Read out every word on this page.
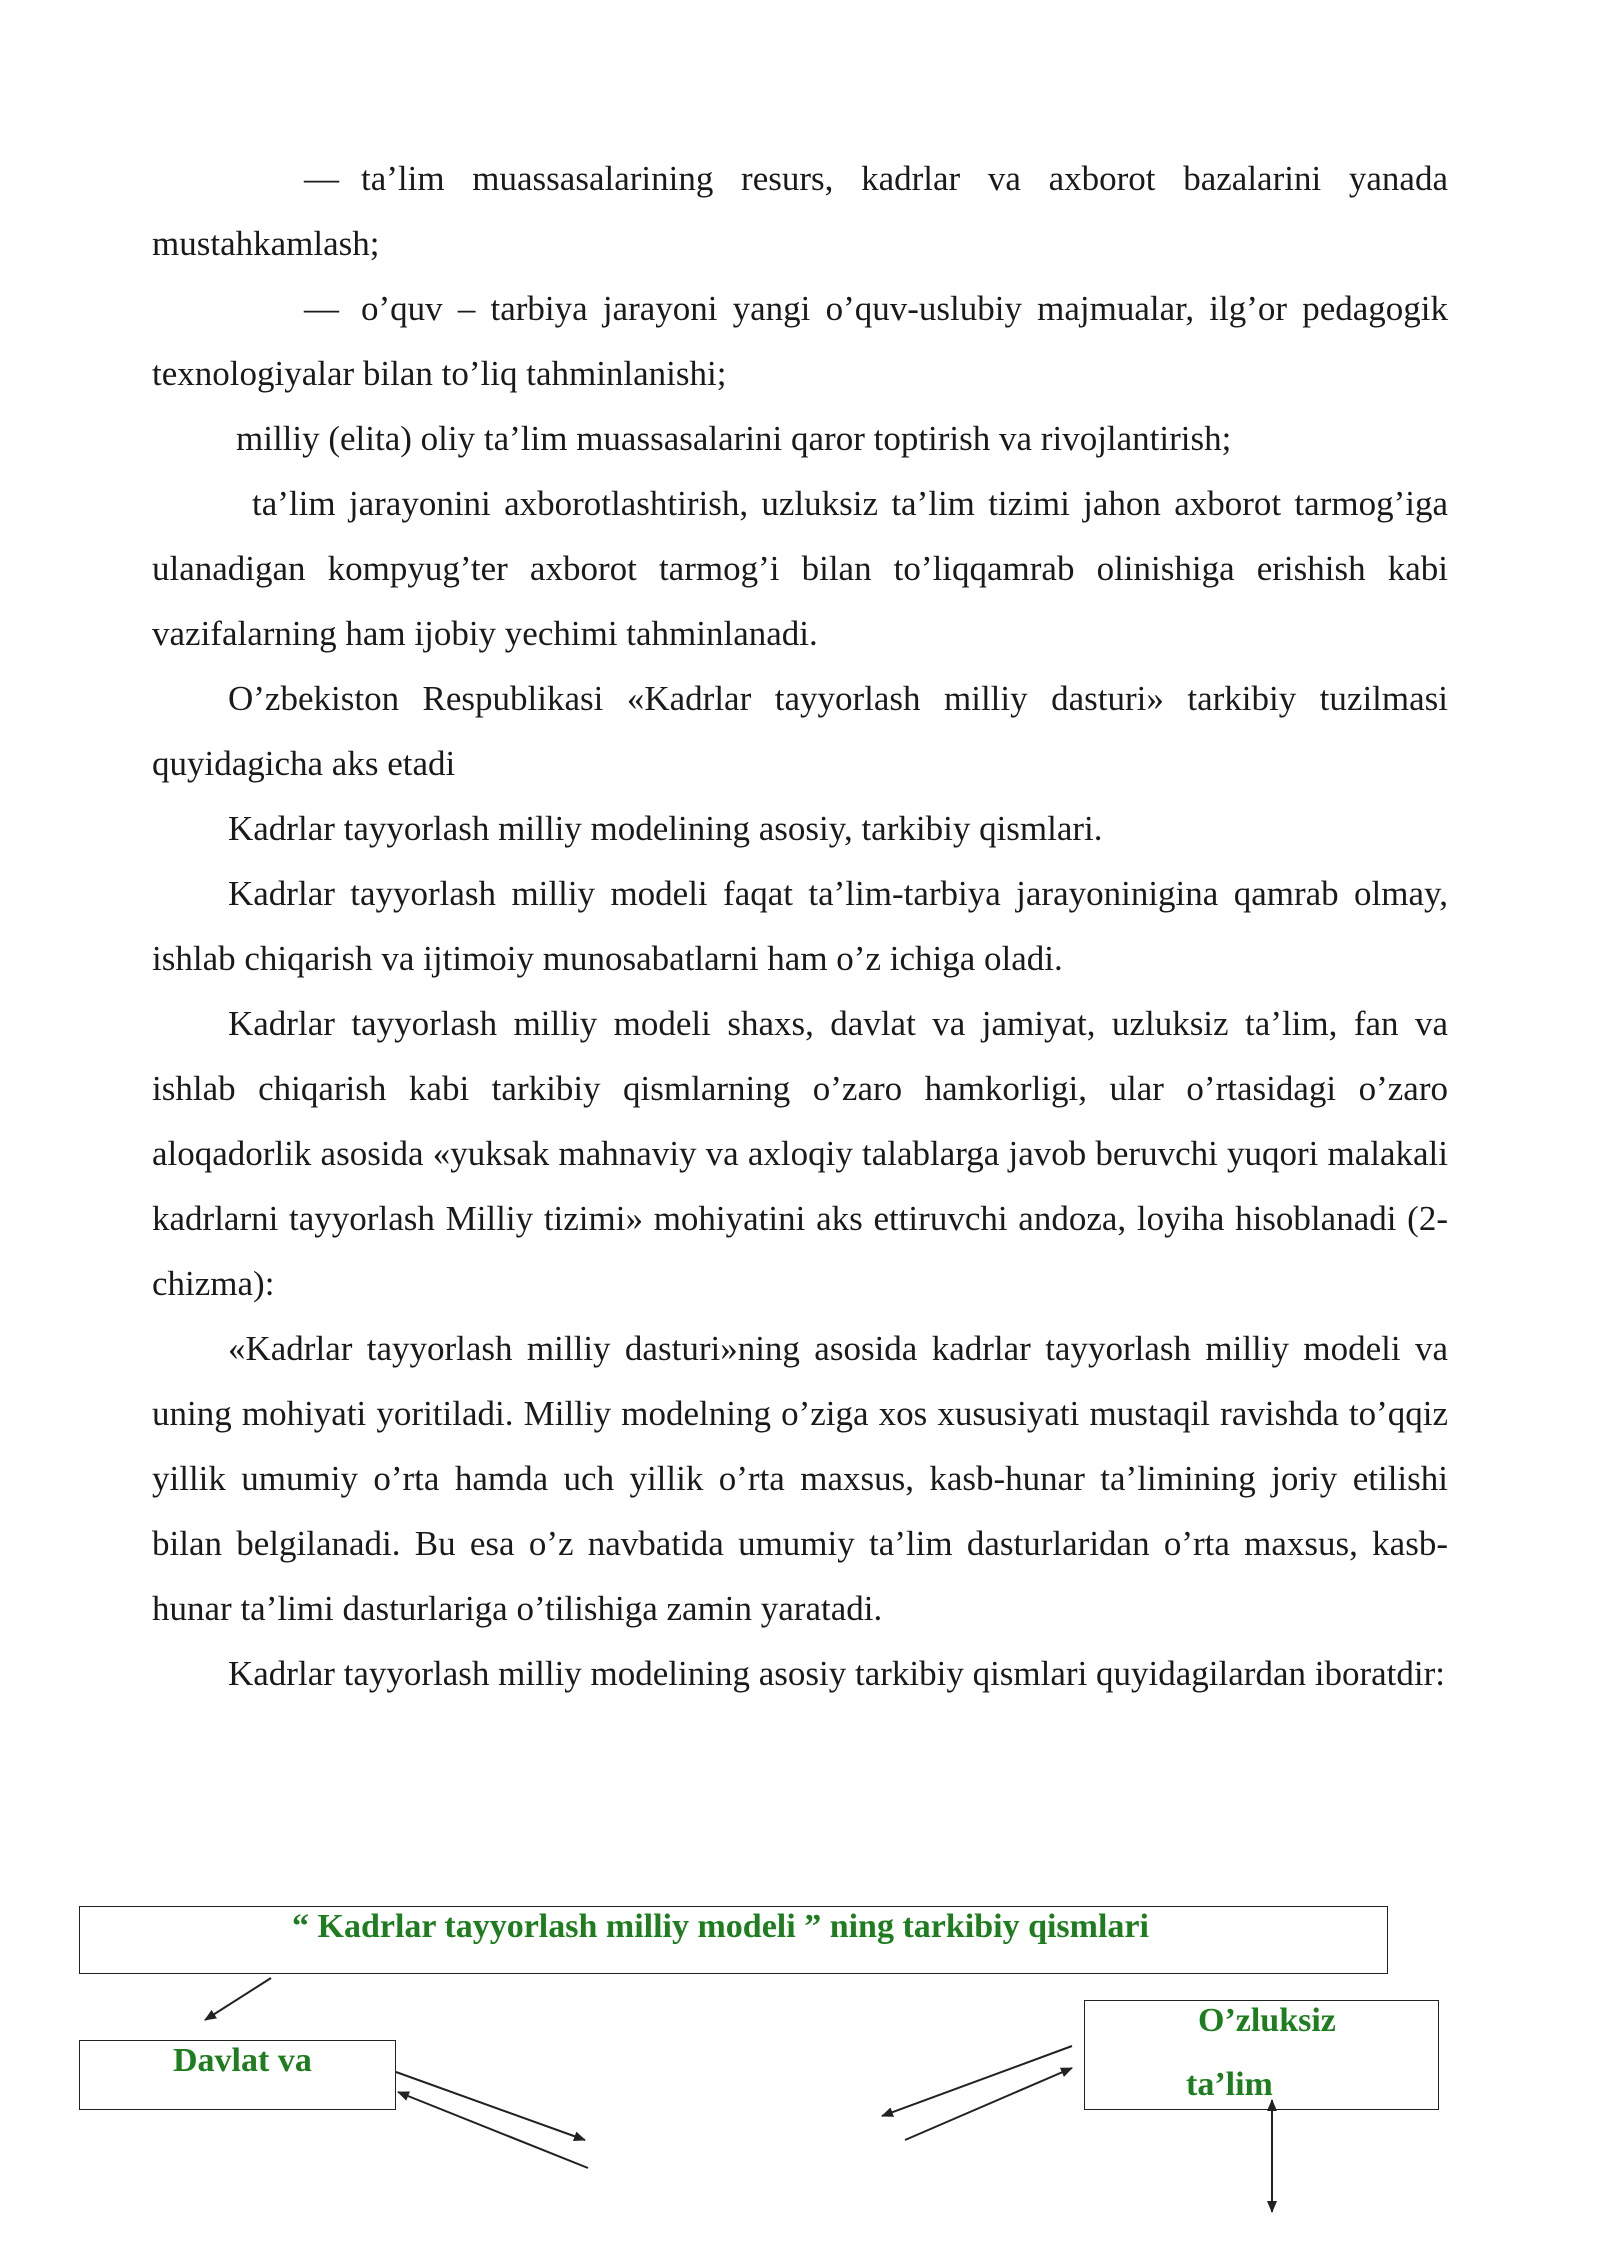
— ta’lim muassasalarining resurs, kadrlar va axborot bazalarini yanada mustahkamlash;

— o’quv – tarbiya jarayoni yangi o’quv-uslubiy majmualar, ilg’or pedagogik texnologiyalar bilan to’liq tahminlanishi;

milliy (elita) oliy ta’lim muassasalarini qaror toptirish va rivojlantirish;

ta’lim jarayonini axborotlashtirish, uzluksiz ta’lim tizimi jahon axborot tarmog’iga ulanadigan kompyug’ter axborot tarmog’i bilan to’liqqamrab olinishiga erishish kabi vazifalarning ham ijobiy yechimi tahminlanadi.

O’zbekiston Respublikasi «Kadrlar tayyorlash milliy dasturi» tarkibiy tuzilmasi quyidagicha aks etadi

Kadrlar tayyorlash milliy modelining asosiy, tarkibiy qismlari.

Kadrlar tayyorlash milliy modeli faqat ta’lim-tarbiya jarayoninigina qamrab olmay, ishlab chiqarish va ijtimoiy munosabatlarni ham o’z ichiga oladi.

Kadrlar tayyorlash milliy modeli shaxs, davlat va jamiyat, uzluksiz ta’lim, fan va ishlab chiqarish kabi tarkibiy qismlarning o’zaro hamkorligi, ular o’rtasidagi o’zaro aloqadorlik asosida «yuksak mahnaviy va axloqiy talablarga javob beruvchi yuqori malakali kadrlarni tayyorlash Milliy tizimi» mohiyatini aks ettiruvchi andoza, loyiha hisoblanadi (2-chizma):

«Kadrlar tayyorlash milliy dasturi»ning asosida kadrlar tayyorlash milliy modeli va uning mohiyati yoritiladi. Milliy modelning o’ziga xos xususiyati mustaqil ravishda to’qqiz yillik umumiy o’rta hamda uch yillik o’rta maxsus, kasb-hunar ta’limining joriy etilishi bilan belgilanadi. Bu esa o’z navbatida umumiy ta’lim dasturlaridan o’rta maxsus, kasb-hunar ta’limi dasturlariga o’tilishiga zamin yaratadi.

Kadrlar tayyorlash milliy modelining asosiy tarkibiy qismlari quyidagilardan iboratdir:

“ Kadrlar tayyorlash milliy modeli ” ning tarkibiy qismlari
Davlat va
O’zluksiz
ta’lim
